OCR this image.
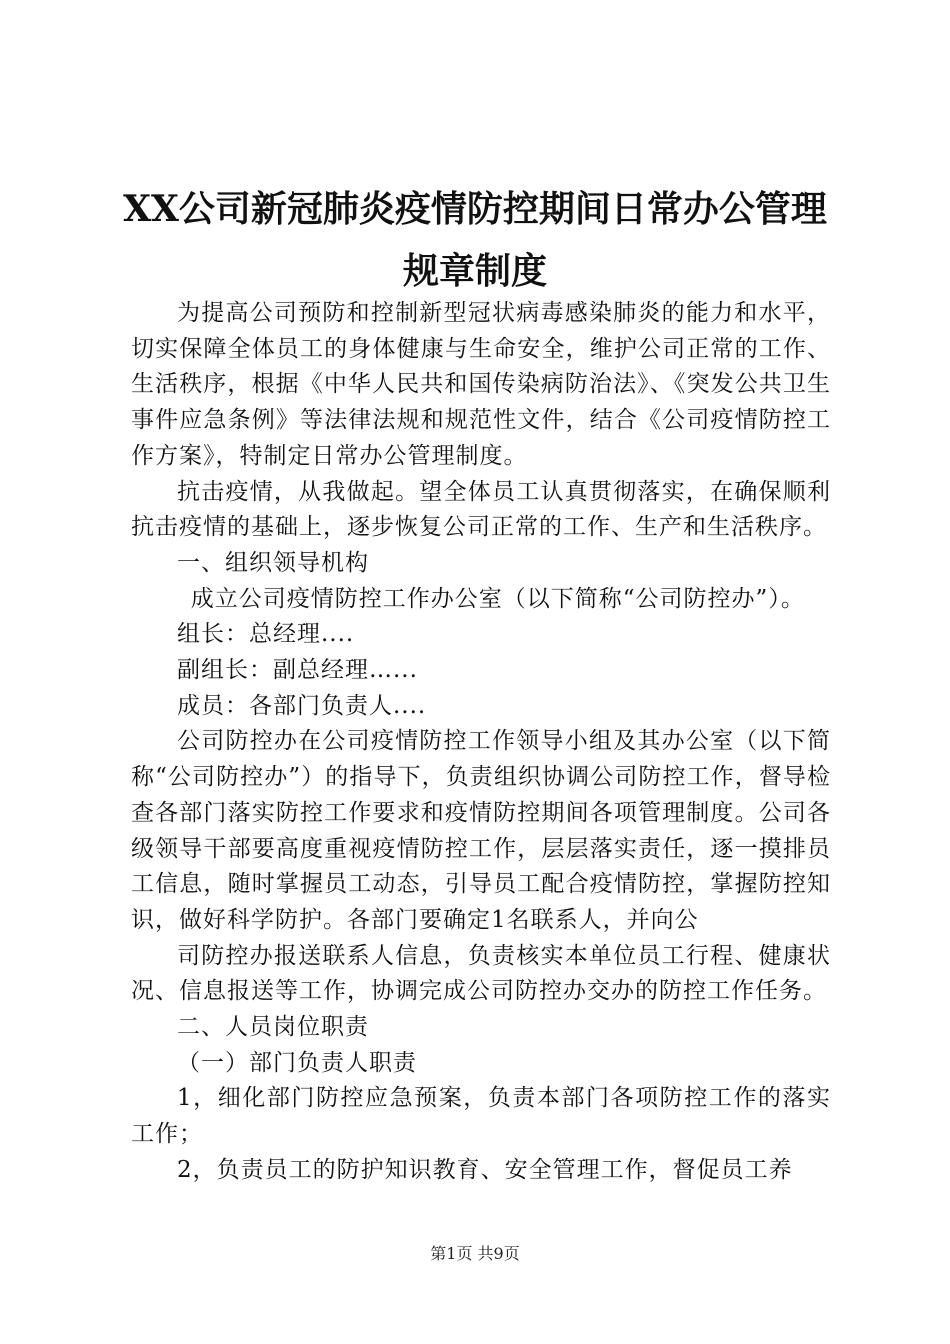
XX公司新冠肺炎疫情防控期间日常办公管理
规章制度

为提高公司预防和控制新型冠状病毒感染肺炎的能力和水平，切实保障全体员工的身体健康与生命安全，维护公司正常的工作、生活秩序，根据《中华人民共和国传染病防治法》、《突发公共卫生事件应急条例》等法律法规和规范性文件，结合《公司疫情防控工作方案》，特制定日常办公管理制度。

抗击疫情，从我做起。望全体员工认真贯彻落实，在确保顺利抗击疫情的基础上，逐步恢复公司正常的工作、生产和生活秩序。

一、组织领导机构

成立公司疫情防控工作办公室（以下简称“公司防控办”）。

组长：总经理....

副组长：副总经理…...

成员：各部门负责人....

公司防控办在公司疫情防控工作领导小组及其办公室（以下简称“公司防控办”）的指导下，负责组织协调公司防控工作，督导检查各部门落实防控工作要求和疫情防控期间各项管理制度。公司各级领导干部要高度重视疫情防控工作，层层落实责任，逐一摸排员工信息，随时掌握员工动态，引导员工配合疫情防控，掌握防控知识，做好科学防护。各部门要确定1名联系人，并向公

司防控办报送联系人信息，负责核实本单位员工行程、健康状况、信息报送等工作，协调完成公司防控办交办的防控工作任务。

二、人员岗位职责

（一）部门负责人职责

1，细化部门防控应急预案，负责本部门各项防控工作的落实工作；

2，负责员工的防护知识教育、安全管理工作，督促员工养

第1页 共9页
